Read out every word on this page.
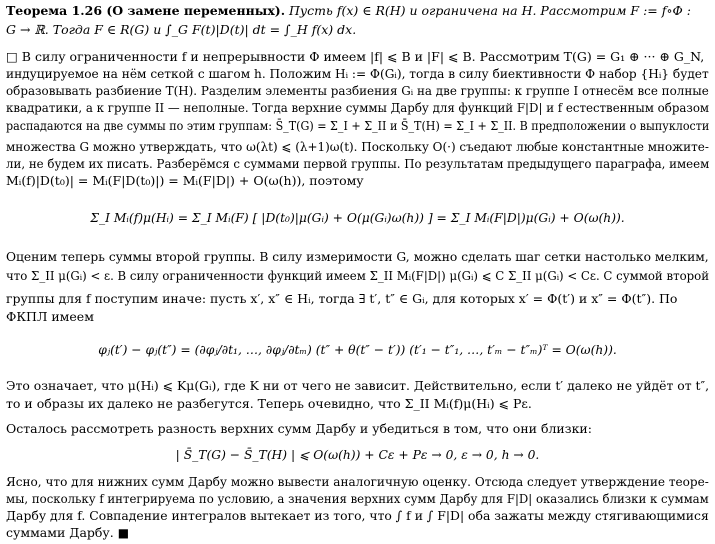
Теорема 1.26 (О замене переменных). Пусть f(x) ∈ R(H) и ограничена на H. Рассмотрим F := f∘Φ :
G → ℝ. Тогда F ∈ R(G) и ∫_G F(t)|D(t)| dt = ∫_H f(x) dx.
□ В силу ограниченности f и непрерывности Φ имеем |f| ⩽ B и |F| ⩽ B. Рассмотрим T(G) = G₁ ⊕ ··· ⊕ G_N,
индуцируемое на нём сеткой с шагом h. Положим Hᵢ := Φ(Gᵢ), тогда в силу биективности Φ набор {Hᵢ} будет
образовывать разбиение T(H). Разделим элементы разбиения Gᵢ на две группы: к группе I отнесём все полные
квадратики, а к группе II — неполные. Тогда верхние суммы Дарбу для функций F|D| и f естественным образом
распадаются на две суммы по этим группам: S̄_T(G) = Σ_I + Σ_II и S̄_T(H) = Σ_I + Σ_II. В предположении о выпуклости
множества G можно утверждать, что ω(λt) ⩽ (λ+1)ω(t). Поскольку O(·) съедают любые константные множите-
ли, не будем их писать. Разберёмся с суммами первой группы. По результатам предыдущего параграфа, имеем
Mᵢ(f)|D(t₀)| = Mᵢ(F|D(t₀)|) = Mᵢ(F|D|) + O(ω(h)), поэтому
Σ_I Mᵢ(f)μ(Hᵢ) = Σ_I Mᵢ(F) [ |D(t₀)|μ(Gᵢ) + O(μ(Gᵢ)ω(h)) ] = Σ_I Mᵢ(F|D|)μ(Gᵢ) + O(ω(h)).
Оценим теперь суммы второй группы. В силу измеримости G, можно сделать шаг сетки настолько мелким,
что Σ_II μ(Gᵢ) < ε. В силу ограниченности функций имеем Σ_II Mᵢ(F|D|) μ(Gᵢ) ⩽ C Σ_II μ(Gᵢ) < Cε. С суммой второй
группы для f поступим иначе: пусть x′, x″ ∈ Hᵢ, тогда ∃ t′, t″ ∈ Gᵢ, для которых x′ = Φ(t′) и x″ = Φ(t″). По
ФКПЛ имеем
φⱼ(t′) − φⱼ(t″) = (∂φⱼ/∂t₁, …, ∂φⱼ/∂tₘ) (t″ + θ(t″ − t′)) (t′₁ − t″₁, …, t′ₘ − t″ₘ)ᵀ = O(ω(h)).
Это означает, что μ(Hᵢ) ⩽ Kμ(Gᵢ), где K ни от чего не зависит. Действительно, если t′ далеко не уйдёт от t″,
то и образы их далеко не разбегутся. Теперь очевидно, что Σ_II Mᵢ(f)μ(Hᵢ) ⩽ Pε.
Осталось рассмотреть разность верхних сумм Дарбу и убедиться в том, что они близки:
| S̄_T(G) − S̄_T(H) | ⩽ O(ω(h)) + Cε + Pε → 0, ε → 0, h → 0.
Ясно, что для нижних сумм Дарбу можно вывести аналогичную оценку. Отсюда следует утверждение теоре-
мы, поскольку f интегрируема по условию, а значения верхних сумм Дарбу для F|D| оказались близки к суммам
Дарбу для f. Совпадение интегралов вытекает из того, что ∫ f и ∫ F|D| оба зажаты между стягивающимися
суммами Дарбу. ■
